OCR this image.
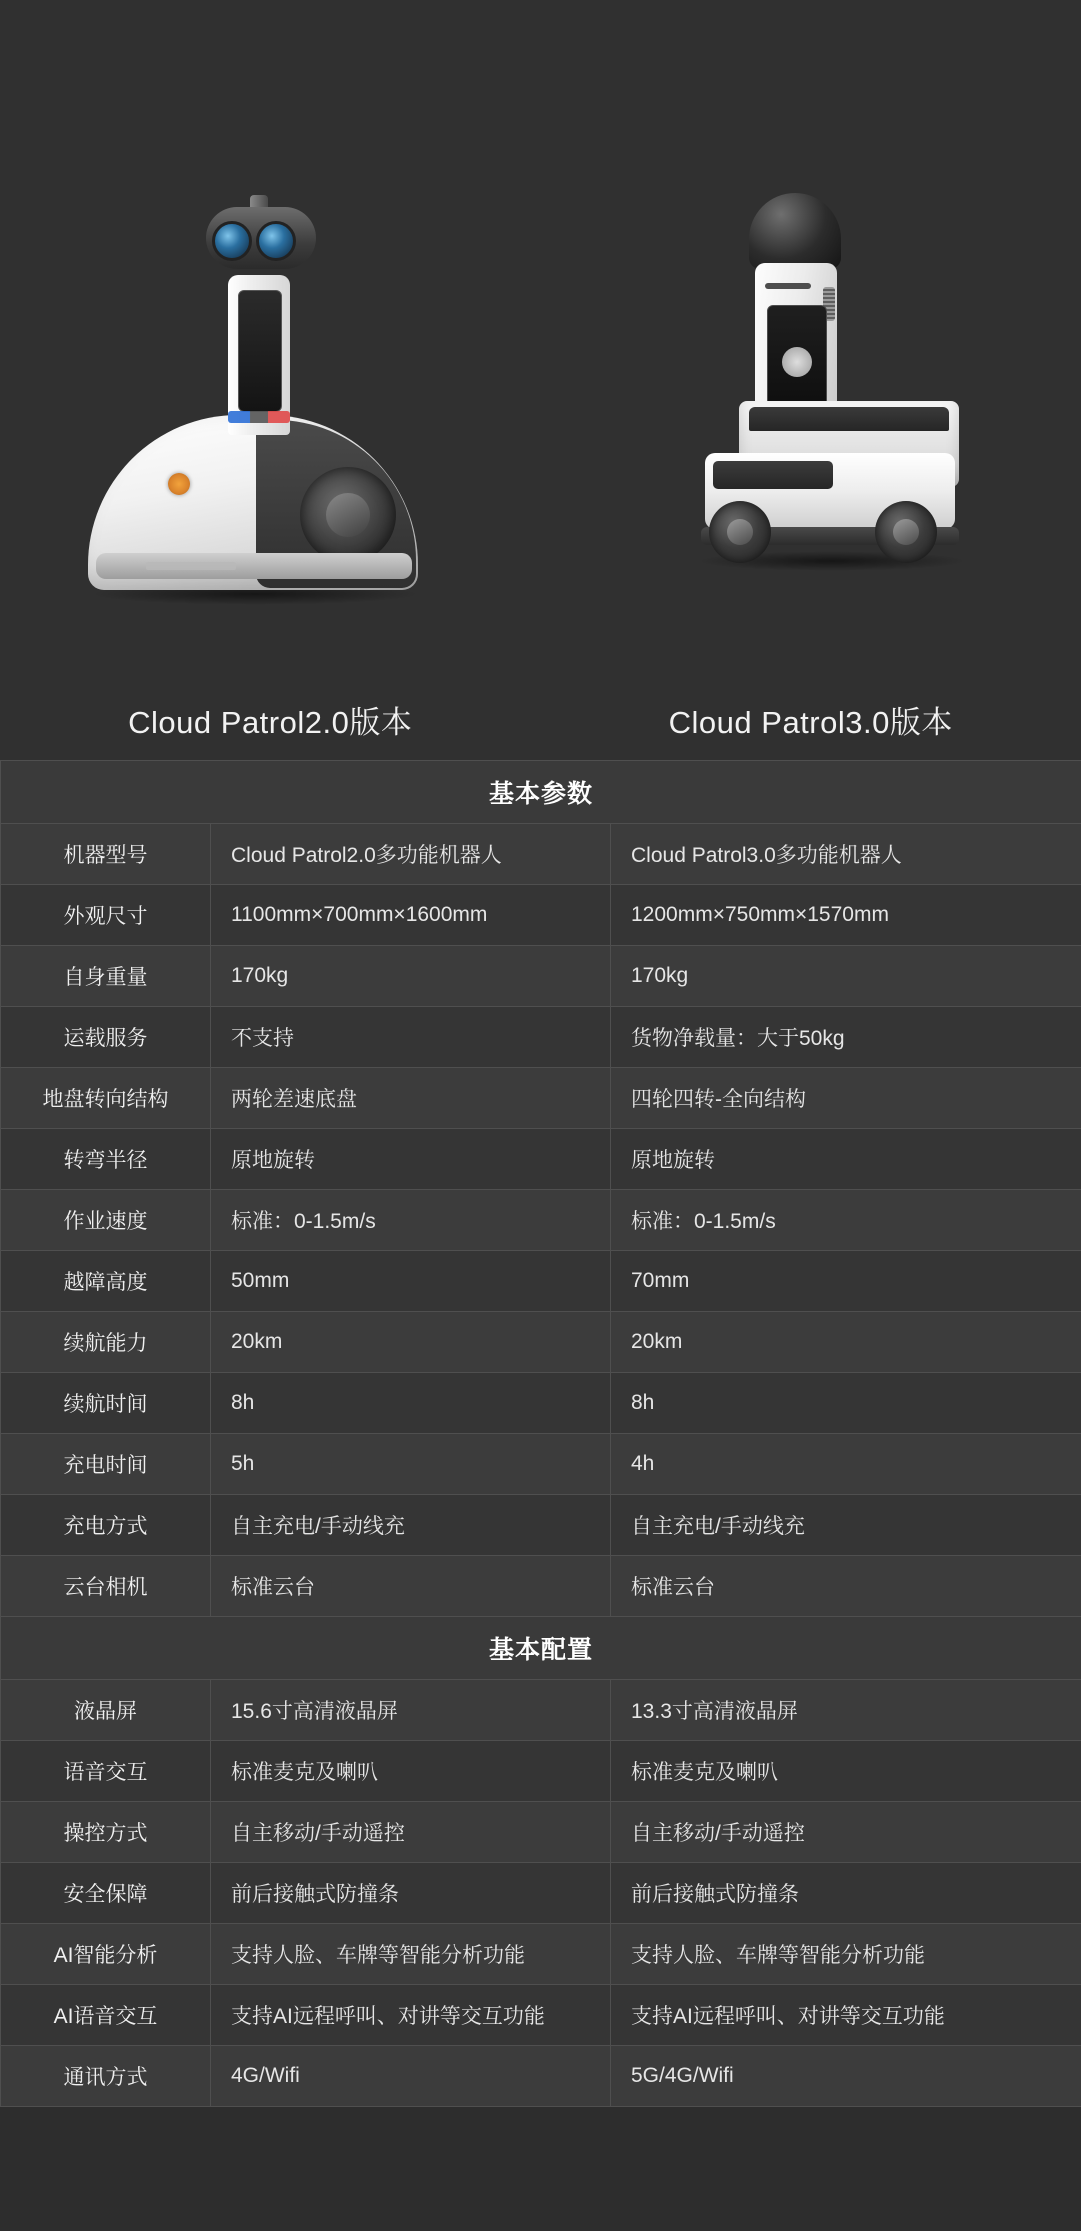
Cloud Patrol2.0版本	Cloud Patrol3.0版本
基本参数		
机器型号	Cloud Patrol2.0多功能机器人	Cloud Patrol3.0多功能机器人
外观尺寸	1100mm×700mm×1600mm	1200mm×750mm×1570mm
自身重量	170kg	170kg
运载服务	不支持	货物净载量：大于50kg
地盘转向结构	两轮差速底盘	四轮四转-全向结构
转弯半径	原地旋转	原地旋转
作业速度	标准：0-1.5m/s	标准：0-1.5m/s
越障高度	50mm	70mm
续航能力	20km	20km
续航时间	8h	8h
充电时间	5h	4h
充电方式	自主充电/手动线充	自主充电/手动线充
云台相机	标准云台	标准云台
基本配置		
液晶屏	15.6寸高清液晶屏	13.3寸高清液晶屏
语音交互	标准麦克及喇叭	标准麦克及喇叭
操控方式	自主移动/手动遥控	自主移动/手动遥控
安全保障	前后接触式防撞条	前后接触式防撞条
AI智能分析	支持人脸、车牌等智能分析功能	支持人脸、车牌等智能分析功能
AI语音交互	支持AI远程呼叫、对讲等交互功能	支持AI远程呼叫、对讲等交互功能
通讯方式	4G/Wifi	5G/4G/Wifi
